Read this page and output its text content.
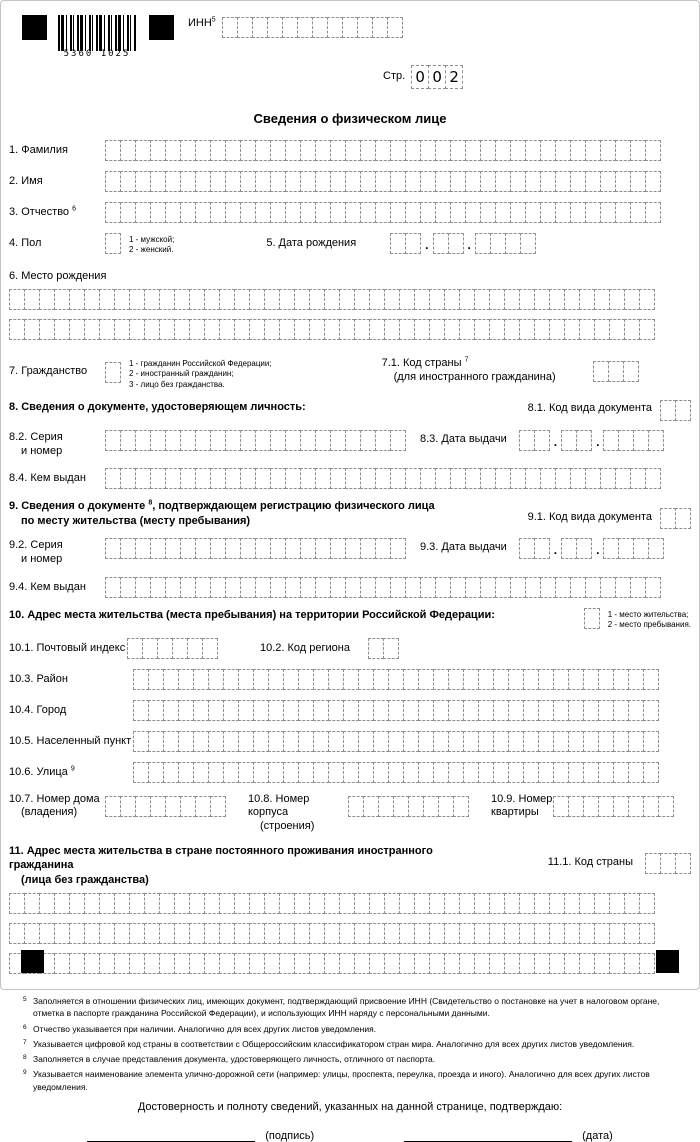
5360 1025
ИНН$^5$
Стр. 0 0 2
Сведения о физическом лице
1. Фамилия
2. Имя
3. Отчество $^6$
4. Пол	1 - мужской;
2 - женский.
5. Дата рождения
.
.
6. Место рождения
7. Гражданство
1 - гражданин Российской Федерации;
2 - иностранный гражданин;
3 - лицо без гражданства.
7.1. Код страны $^7$
(для иностранного гражданина)
8. Сведения о документе, удостоверяющем личность:	8.1. Код вида документа
8.2. Серия
и номер
8.3. Дата выдачи
.
.
8.4. Кем выдан
9. Сведения о документе $^8$, подтверждающем регистрацию физического лица
по месту жительства (месту пребывания)	9.1. Код вида документа
9.2. Серия
и номер
9.3. Дата выдачи
.
.
9.4. Кем выдан
10. Адрес места жительства (места пребывания) на территории Российской Федерации:	1 - место жительства;
2 - место пребывания.
10.1. Почтовый индекс	10.2. Код региона
10.3. Район
10.4. Город
10.5. Населенный пункт
10.6. Улица $^9$
10.7. Номер дома
(владения)
10.8. Номер корпуса
(строения)
10.9. Номер
квартиры
11. Адрес места жительства в стране постоянного проживания иностранного гражданина
(лица без гражданства)
11.1. Код страны
5 Заполняется в отношении физических лиц, имеющих документ, подтверждающий присвоение ИНН (Свидетельство о постановке на учет в налоговом органе, отметка в паспорте гражданина Российской Федерации), и использующих ИНН наряду с персональными данными.
6 Отчество указывается при наличии. Аналогично для всех других листов уведомления.
7 Указывается цифровой код страны в соответствии с Общероссийским классификатором стран мира. Аналогично для всех других листов уведомления.
8 Заполняется в случае представления документа, удостоверяющего личность, отличного от паспорта.
9 Указывается наименование элемента улично-дорожной сети (например: улицы, проспекта, переулка, проезда и иного). Аналогично для всех других листов уведомления.
Достоверность и полноту сведений, указанных на данной странице, подтверждаю:
(подпись)	(дата)
